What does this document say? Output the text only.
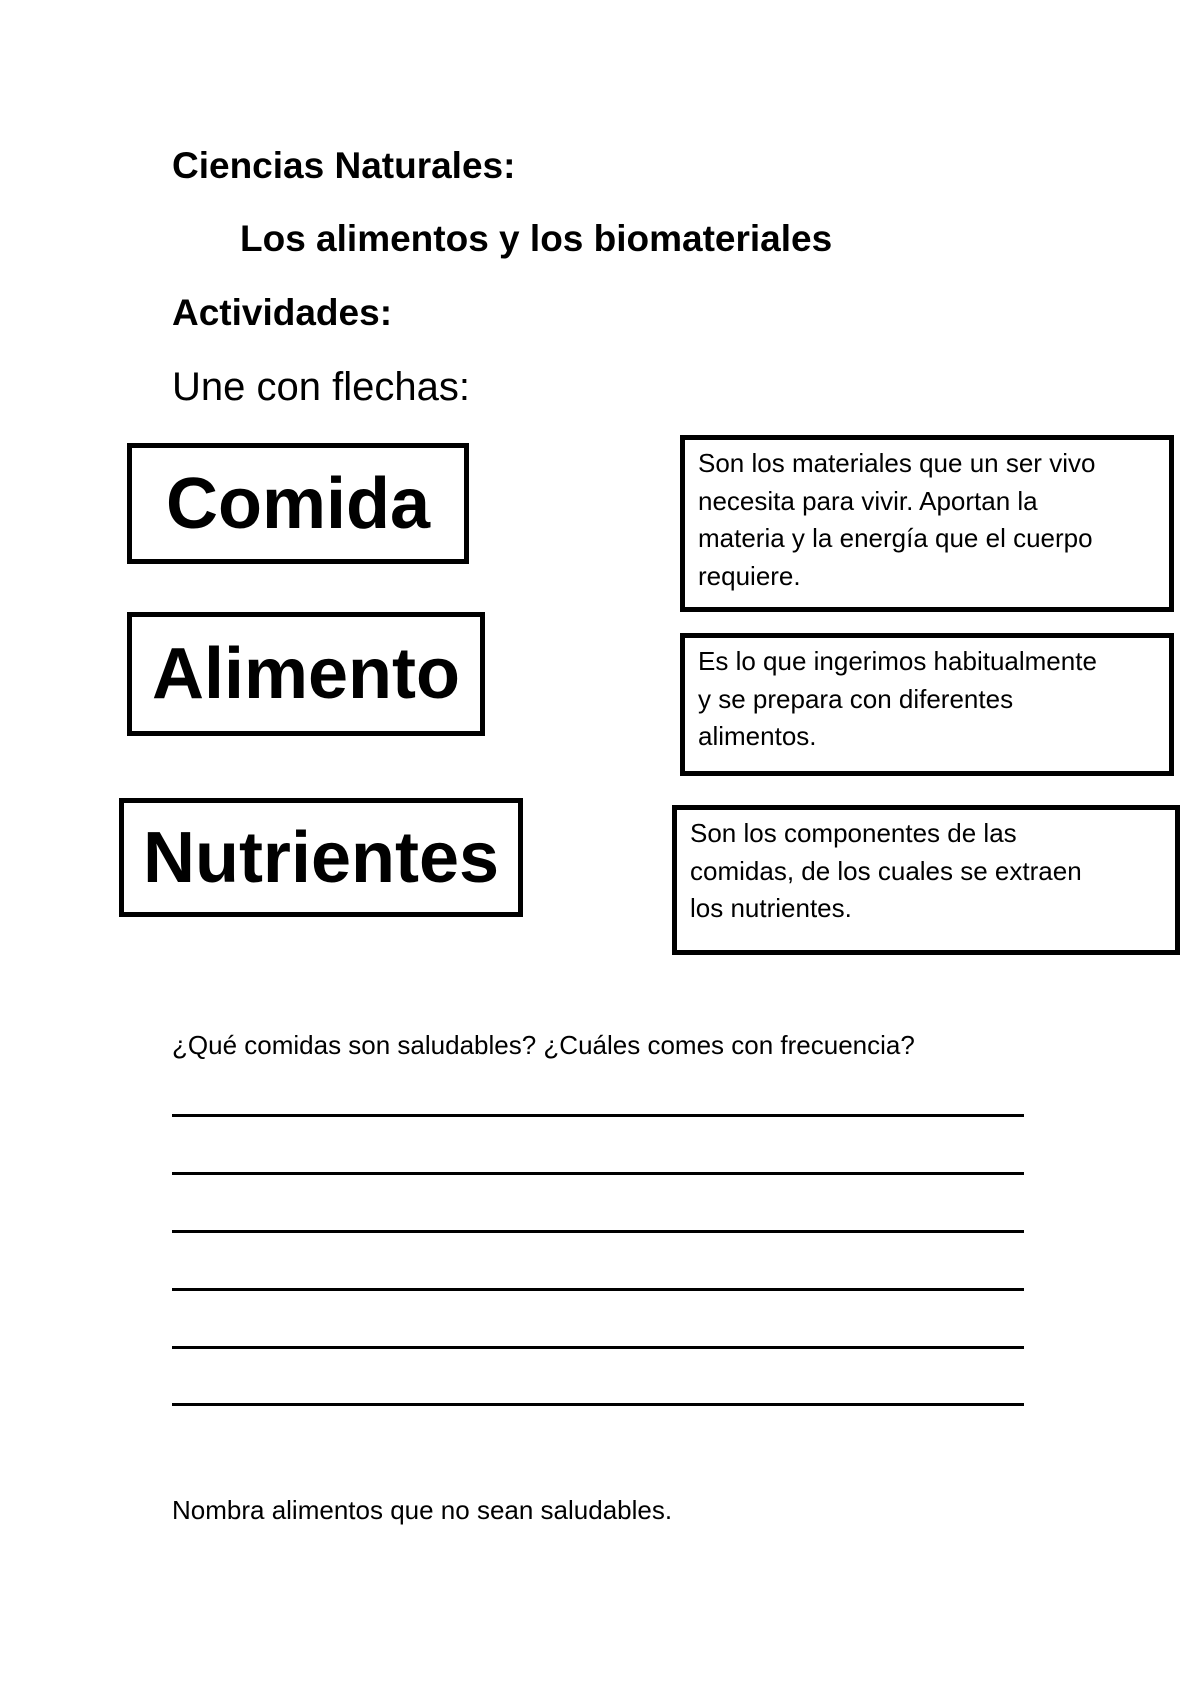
Ciencias Naturales:
Los alimentos y los biomateriales
Actividades:
Une con flechas:
Comida
Alimento
Nutrientes
Son los materiales que un ser vivo
necesita para vivir. Aportan la
materia y la energía que el cuerpo
requiere.
Es lo que ingerimos habitualmente
y se prepara con diferentes
alimentos.
Son los componentes de las
comidas, de los cuales se extraen
los nutrientes.
¿Qué comidas son saludables? ¿Cuáles comes con frecuencia?
Nombra alimentos que no sean saludables.
